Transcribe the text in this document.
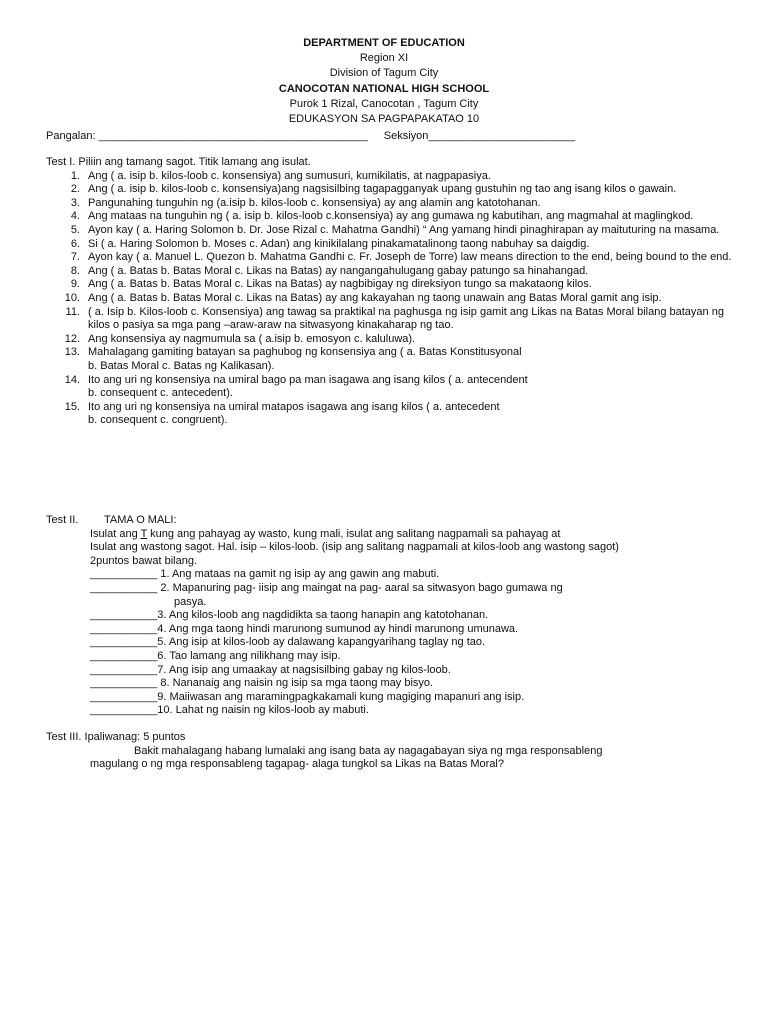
DEPARTMENT OF EDUCATION
Region XI
Division of Tagum City
CANOCOTAN NATIONAL HIGH SCHOOL
Purok 1 Rizal, Canocotan , Tagum City
EDUKASYON SA PAGPAPAKATAO 10
Pangalan: ____________________________________________ Seksiyon________________________
Test I. Piliin ang tamang sagot. Titik lamang ang isulat.
1. Ang ( a. isip b. kilos-loob c. konsensiya) ang sumusuri, kumikilatis, at nagpapasiya.
2. Ang ( a. isip b. kilos-loob c. konsensiya)ang nagsisilbing tagapagganyak upang gustuhin ng tao ang isang kilos o gawain.
3. Pangunahing tunguhin ng (a.isip b. kilos-loob c. konsensiya) ay ang alamin ang katotohanan.
4. Ang mataas na tunguhin ng ( a. isip b. kilos-loob c.konsensiya) ay ang gumawa ng kabutihan, ang magmahal at maglingkod.
5. Ayon kay ( a. Haring Solomon b. Dr. Jose Rizal c. Mahatma Gandhi) “ Ang yamang hindi pinaghirapan ay maituturing na masama.
6. Si ( a. Haring Solomon b. Moses c. Adan) ang kinikilalang pinakamatalinong taong nabuhay sa daigdig.
7. Ayon kay ( a. Manuel L. Quezon b. Mahatma Gandhi c. Fr. Joseph de Torre) law means direction to the end, being bound to the end.
8. Ang ( a. Batas b. Batas Moral c. Likas na Batas) ay nangangahulugang gabay patungo sa hinahangad.
9. Ang ( a. Batas b. Batas Moral c. Likas na Batas) ay nagbibigay ng direksiyon tungo sa makataong kilos.
10. Ang ( a. Batas b. Batas Moral c. Likas na Batas) ay ang kakayahan ng taong unawain ang Batas Moral gamit ang isip.
11. ( a. Isip b. Kilos-loob c. Konsensiya) ang tawag sa praktikal na paghusga ng isip gamit ang Likas na Batas Moral bilang batayan ng kilos o pasiya sa mga pang –araw-araw na sitwasyong kinakaharap ng tao.
12. Ang konsensiya ay nagmumula sa ( a.isip b. emosyon c. kaluluwa).
13. Mahalagang gamiting batayan sa paghubog ng konsensiya ang ( a. Batas Konstitusyonal
b. Batas Moral c. Batas ng Kalikasan).
14. Ito ang uri ng konsensiya na umiral bago pa man isagawa ang isang kilos ( a. antecendent
b. consequent c. antecedent).
15. Ito ang uri ng konsensiya na umiral matapos isagawa ang isang kilos ( a. antecedent
b. consequent c. congruent).
Test II. TAMA O MALI:
Isulat ang T kung ang pahayag ay wasto, kung mali, isulat ang salitang nagpamali sa pahayag at
Isulat ang wastong sagot. Hal. isip – kilos-loob. (isip ang salitang nagpamali at kilos-loob ang wastong sagot)
2puntos bawat bilang.
___________ 1. Ang mataas na gamit ng isip ay ang gawin ang mabuti.
___________ 2. Mapanuring pag- iisip ang maingat na pag- aaral sa sitwasyon bago gumawa ng
pasya.
___________3. Ang kilos-loob ang nagdidikta sa taong hanapin ang katotohanan.
___________4. Ang mga taong hindi marunong sumunod ay hindi marunong umunawa.
___________5. Ang isip at kilos-loob ay dalawang kapangyarihang taglay ng tao.
___________6. Tao lamang ang nilikhang may isip.
___________7. Ang isip ang umaakay at nagsisilbing gabay ng kilos-loob.
___________ 8. Nananaig ang naisin ng isip sa mga taong may bisyo.
___________9. Maiiwasan ang maramingpagkakamali kung magiging mapanuri ang isip.
___________10. Lahat ng naisin ng kilos-loob ay mabuti.
Test III. Ipaliwanag: 5 puntos
Bakit mahalagang habang lumalaki ang isang bata ay nagagabayan siya ng mga responsableng
magulang o ng mga responsableng tagapag- alaga tungkol sa Likas na Batas Moral?
